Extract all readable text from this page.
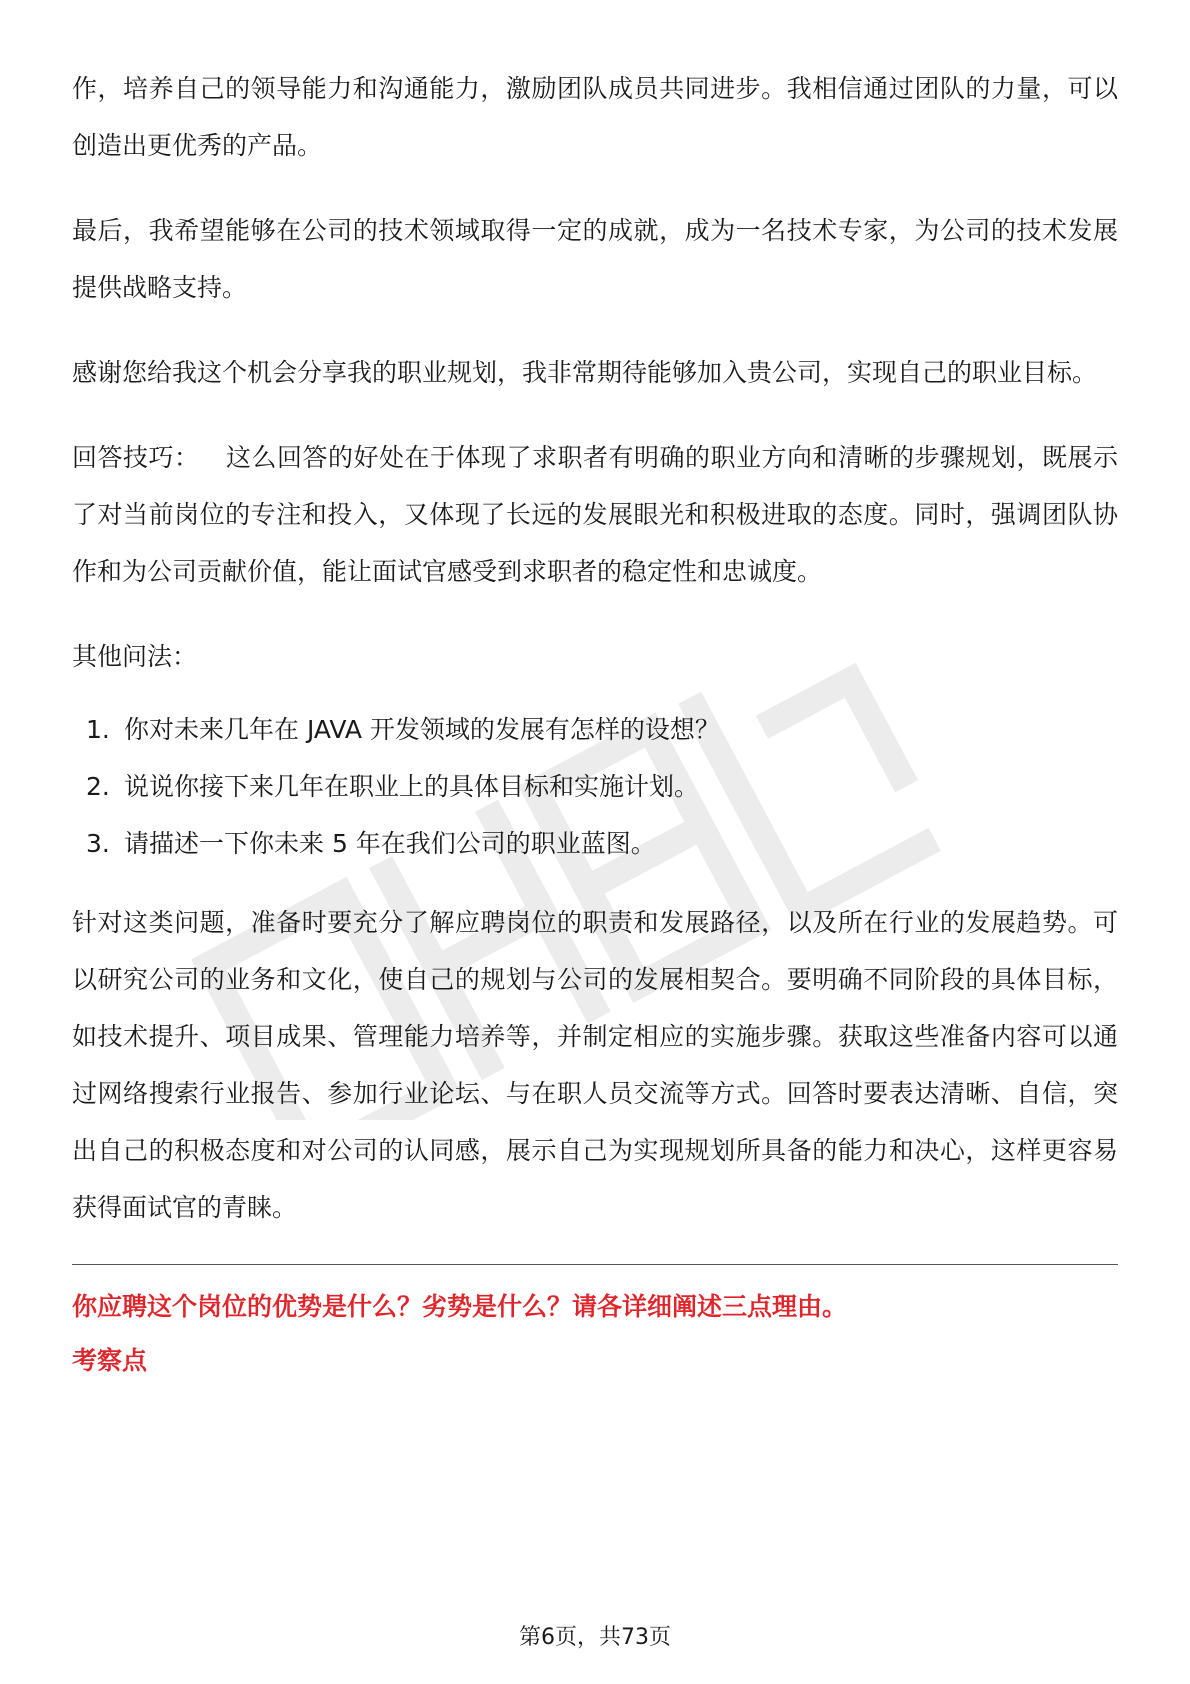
作，培养自己的领导能力和沟通能力，激励团队成员共同进步。我相信通过团队的力量，可以创造出更优秀的产品。

最后，我希望能够在公司的技术领域取得一定的成就，成为一名技术专家，为公司的技术发展提供战略支持。

感谢您给我这个机会分享我的职业规划，我非常期待能够加入贵公司，实现自己的职业目标。

回答技巧： 这么回答的好处在于体现了求职者有明确的职业方向和清晰的步骤规划，既展示了对当前岗位的专注和投入，又体现了长远的发展眼光和积极进取的态度。同时，强调团队协作和为公司贡献价值，能让面试官感受到求职者的稳定性和忠诚度。

其他问法：

1. 你对未来几年在 JAVA 开发领域的发展有怎样的设想？
2. 说说你接下来几年在职业上的具体目标和实施计划。
3. 请描述一下你未来 5 年在我们公司的职业蓝图。

针对这类问题，准备时要充分了解应聘岗位的职责和发展路径，以及所在行业的发展趋势。可以研究公司的业务和文化，使自己的规划与公司的发展相契合。要明确不同阶段的具体目标，如技术提升、项目成果、管理能力培养等，并制定相应的实施步骤。获取这些准备内容可以通过网络搜索行业报告、参加行业论坛、与在职人员交流等方式。回答时要表达清晰、自信，突出自己的积极态度和对公司的认同感，展示自己为实现规划所具备的能力和决心，这样更容易获得面试官的青睐。

你应聘这个岗位的优势是什么？劣势是什么？请各详细阐述三点理由。

考察点

第6页，共73页
